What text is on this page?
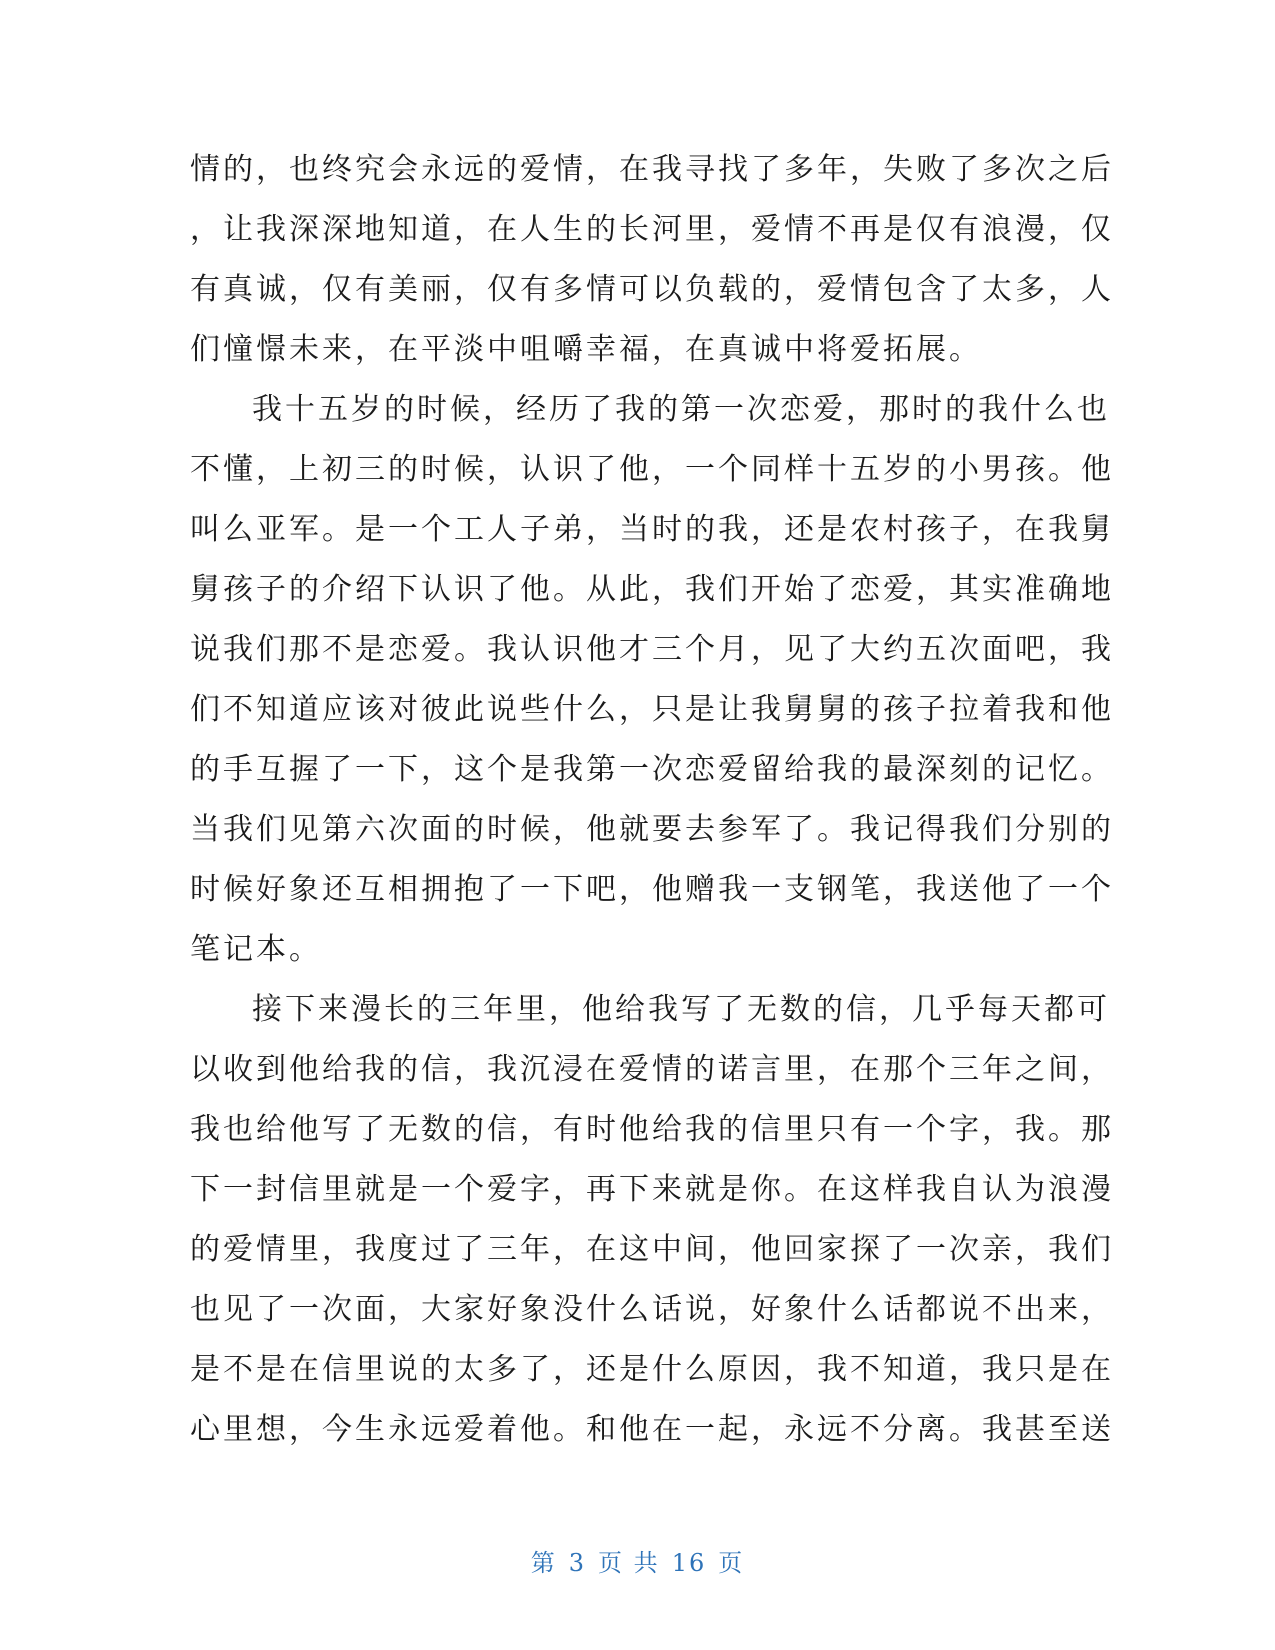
情的，也终究会永远的爱情，在我寻找了多年，失败了多次之后
，让我深深地知道，在人生的长河里，爱情不再是仅有浪漫，仅
有真诚，仅有美丽，仅有多情可以负载的，爱情包含了太多，人
们憧憬未来，在平淡中咀嚼幸福，在真诚中将爱拓展。
我十五岁的时候，经历了我的第一次恋爱，那时的我什么也
不懂，上初三的时候，认识了他，一个同样十五岁的小男孩。他
叫么亚军。是一个工人子弟，当时的我，还是农村孩子，在我舅
舅孩子的介绍下认识了他。从此，我们开始了恋爱，其实准确地
说我们那不是恋爱。我认识他才三个月，见了大约五次面吧，我
们不知道应该对彼此说些什么，只是让我舅舅的孩子拉着我和他
的手互握了一下，这个是我第一次恋爱留给我的最深刻的记忆。
当我们见第六次面的时候，他就要去参军了。我记得我们分别的
时候好象还互相拥抱了一下吧，他赠我一支钢笔，我送他了一个
笔记本。
接下来漫长的三年里，他给我写了无数的信，几乎每天都可
以收到他给我的信，我沉浸在爱情的诺言里，在那个三年之间，
我也给他写了无数的信，有时他给我的信里只有一个字，我。那
下一封信里就是一个爱字，再下来就是你。在这样我自认为浪漫
的爱情里，我度过了三年，在这中间，他回家探了一次亲，我们
也见了一次面，大家好象没什么话说，好象什么话都说不出来，
是不是在信里说的太多了，还是什么原因，我不知道，我只是在
心里想，今生永远爱着他。和他在一起，永远不分离。我甚至送
第 3 页 共 16 页
